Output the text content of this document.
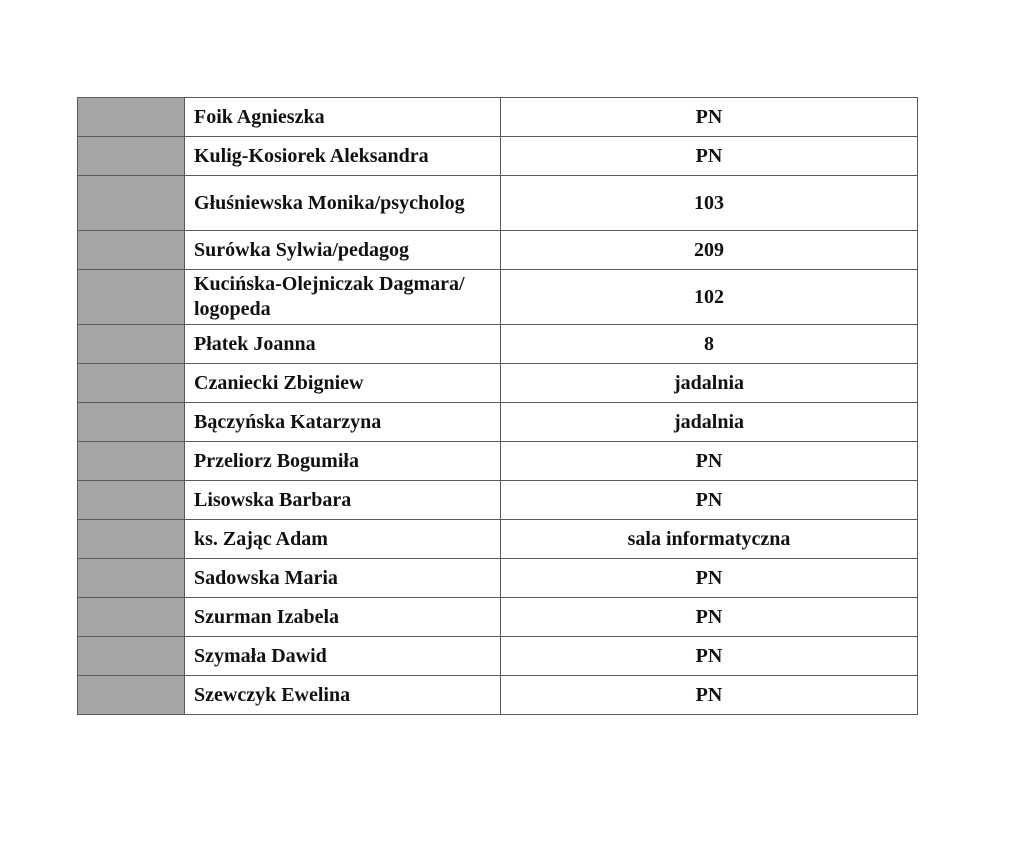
	Foik Agnieszka	PN
	Kulig-Kosiorek Aleksandra	PN
	Głuśniewska Monika/psycholog	103
	Surówka Sylwia/pedagog	209
	Kucińska-Olejniczak Dagmara/ logopeda	102
	Płatek Joanna	8
	Czaniecki Zbigniew	jadalnia
	Bączyńska Katarzyna	jadalnia
	Przeliorz Bogumiła	PN
	Lisowska Barbara	PN
	ks. Zając Adam	sala informatyczna
	Sadowska Maria	PN
	Szurman Izabela	PN
	Szymała Dawid	PN
	Szewczyk Ewelina	PN
